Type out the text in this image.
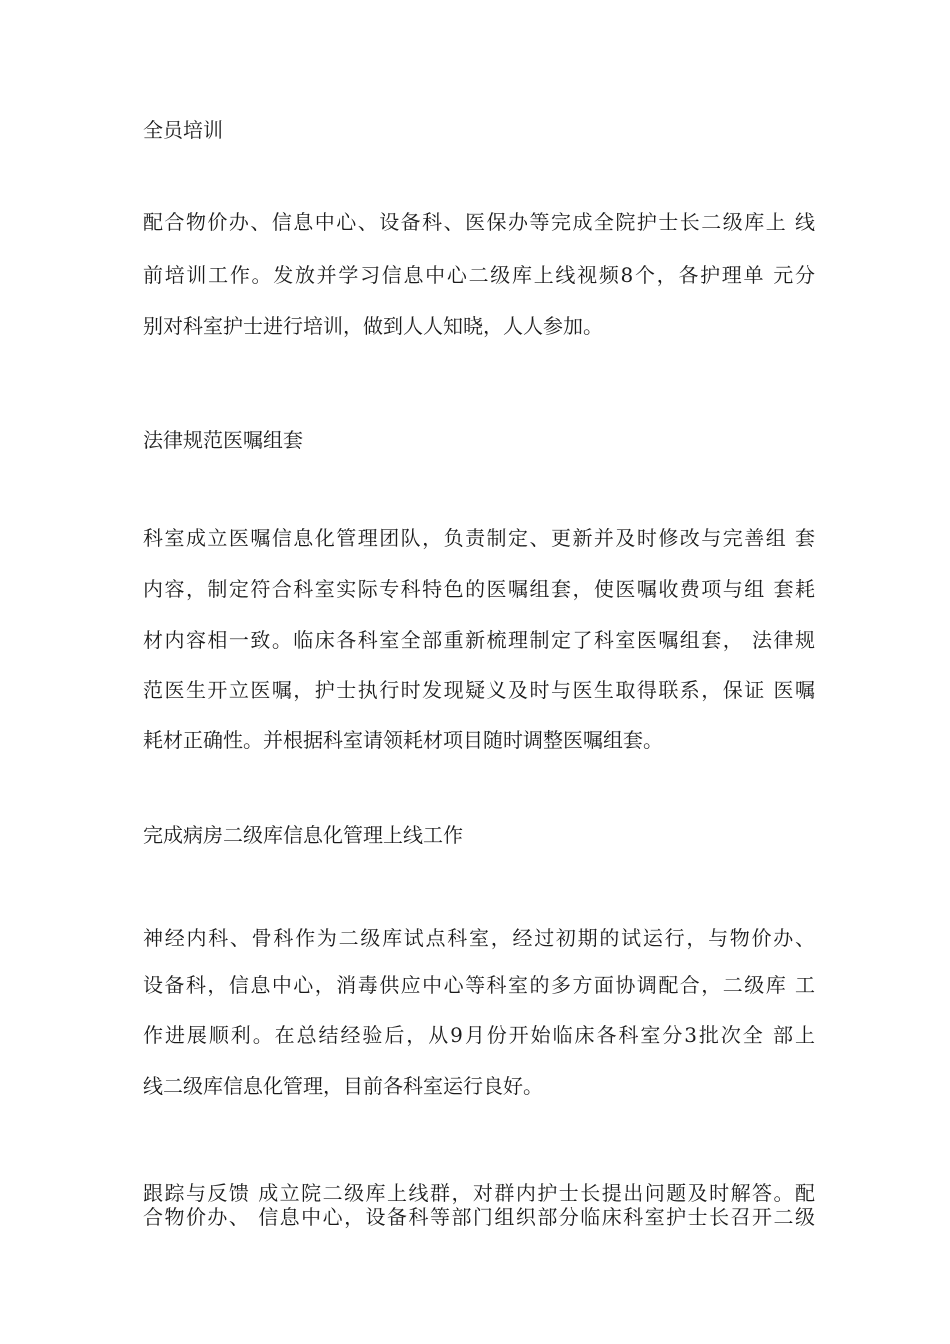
全员培训

配合物价办、信息中心、设备科、医保办等完成全院护士长二级库上 线

前培训工作。发放并学习信息中心二级库上线视频8个，各护理单 元分

别对科室护士进行培训，做到人人知晓，人人参加。

法律规范医嘱组套

科室成立医嘱信息化管理团队，负责制定、更新并及时修改与完善组 套

内容，制定符合科室实际专科特色的医嘱组套，使医嘱收费项与组 套耗

材内容相一致。临床各科室全部重新梳理制定了科室医嘱组套， 法律规

范医生开立医嘱，护士执行时发现疑义及时与医生取得联系，保证 医嘱

耗材正确性。并根据科室请领耗材项目随时调整医嘱组套。

完成病房二级库信息化管理上线工作

神经内科、骨科作为二级库试点科室，经过初期的试运行，与物价办、

设备科，信息中心，消毒供应中心等科室的多方面协调配合，二级库 工

作进展顺利。在总结经验后，从9月份开始临床各科室分3批次全 部上

线二级库信息化管理，目前各科室运行良好。

跟踪与反馈 成立院二级库上线群，对群内护士长提出问题及时解答。配

合物价办、 信息中心，设备科等部门组织部分临床科室护士长召开二级
